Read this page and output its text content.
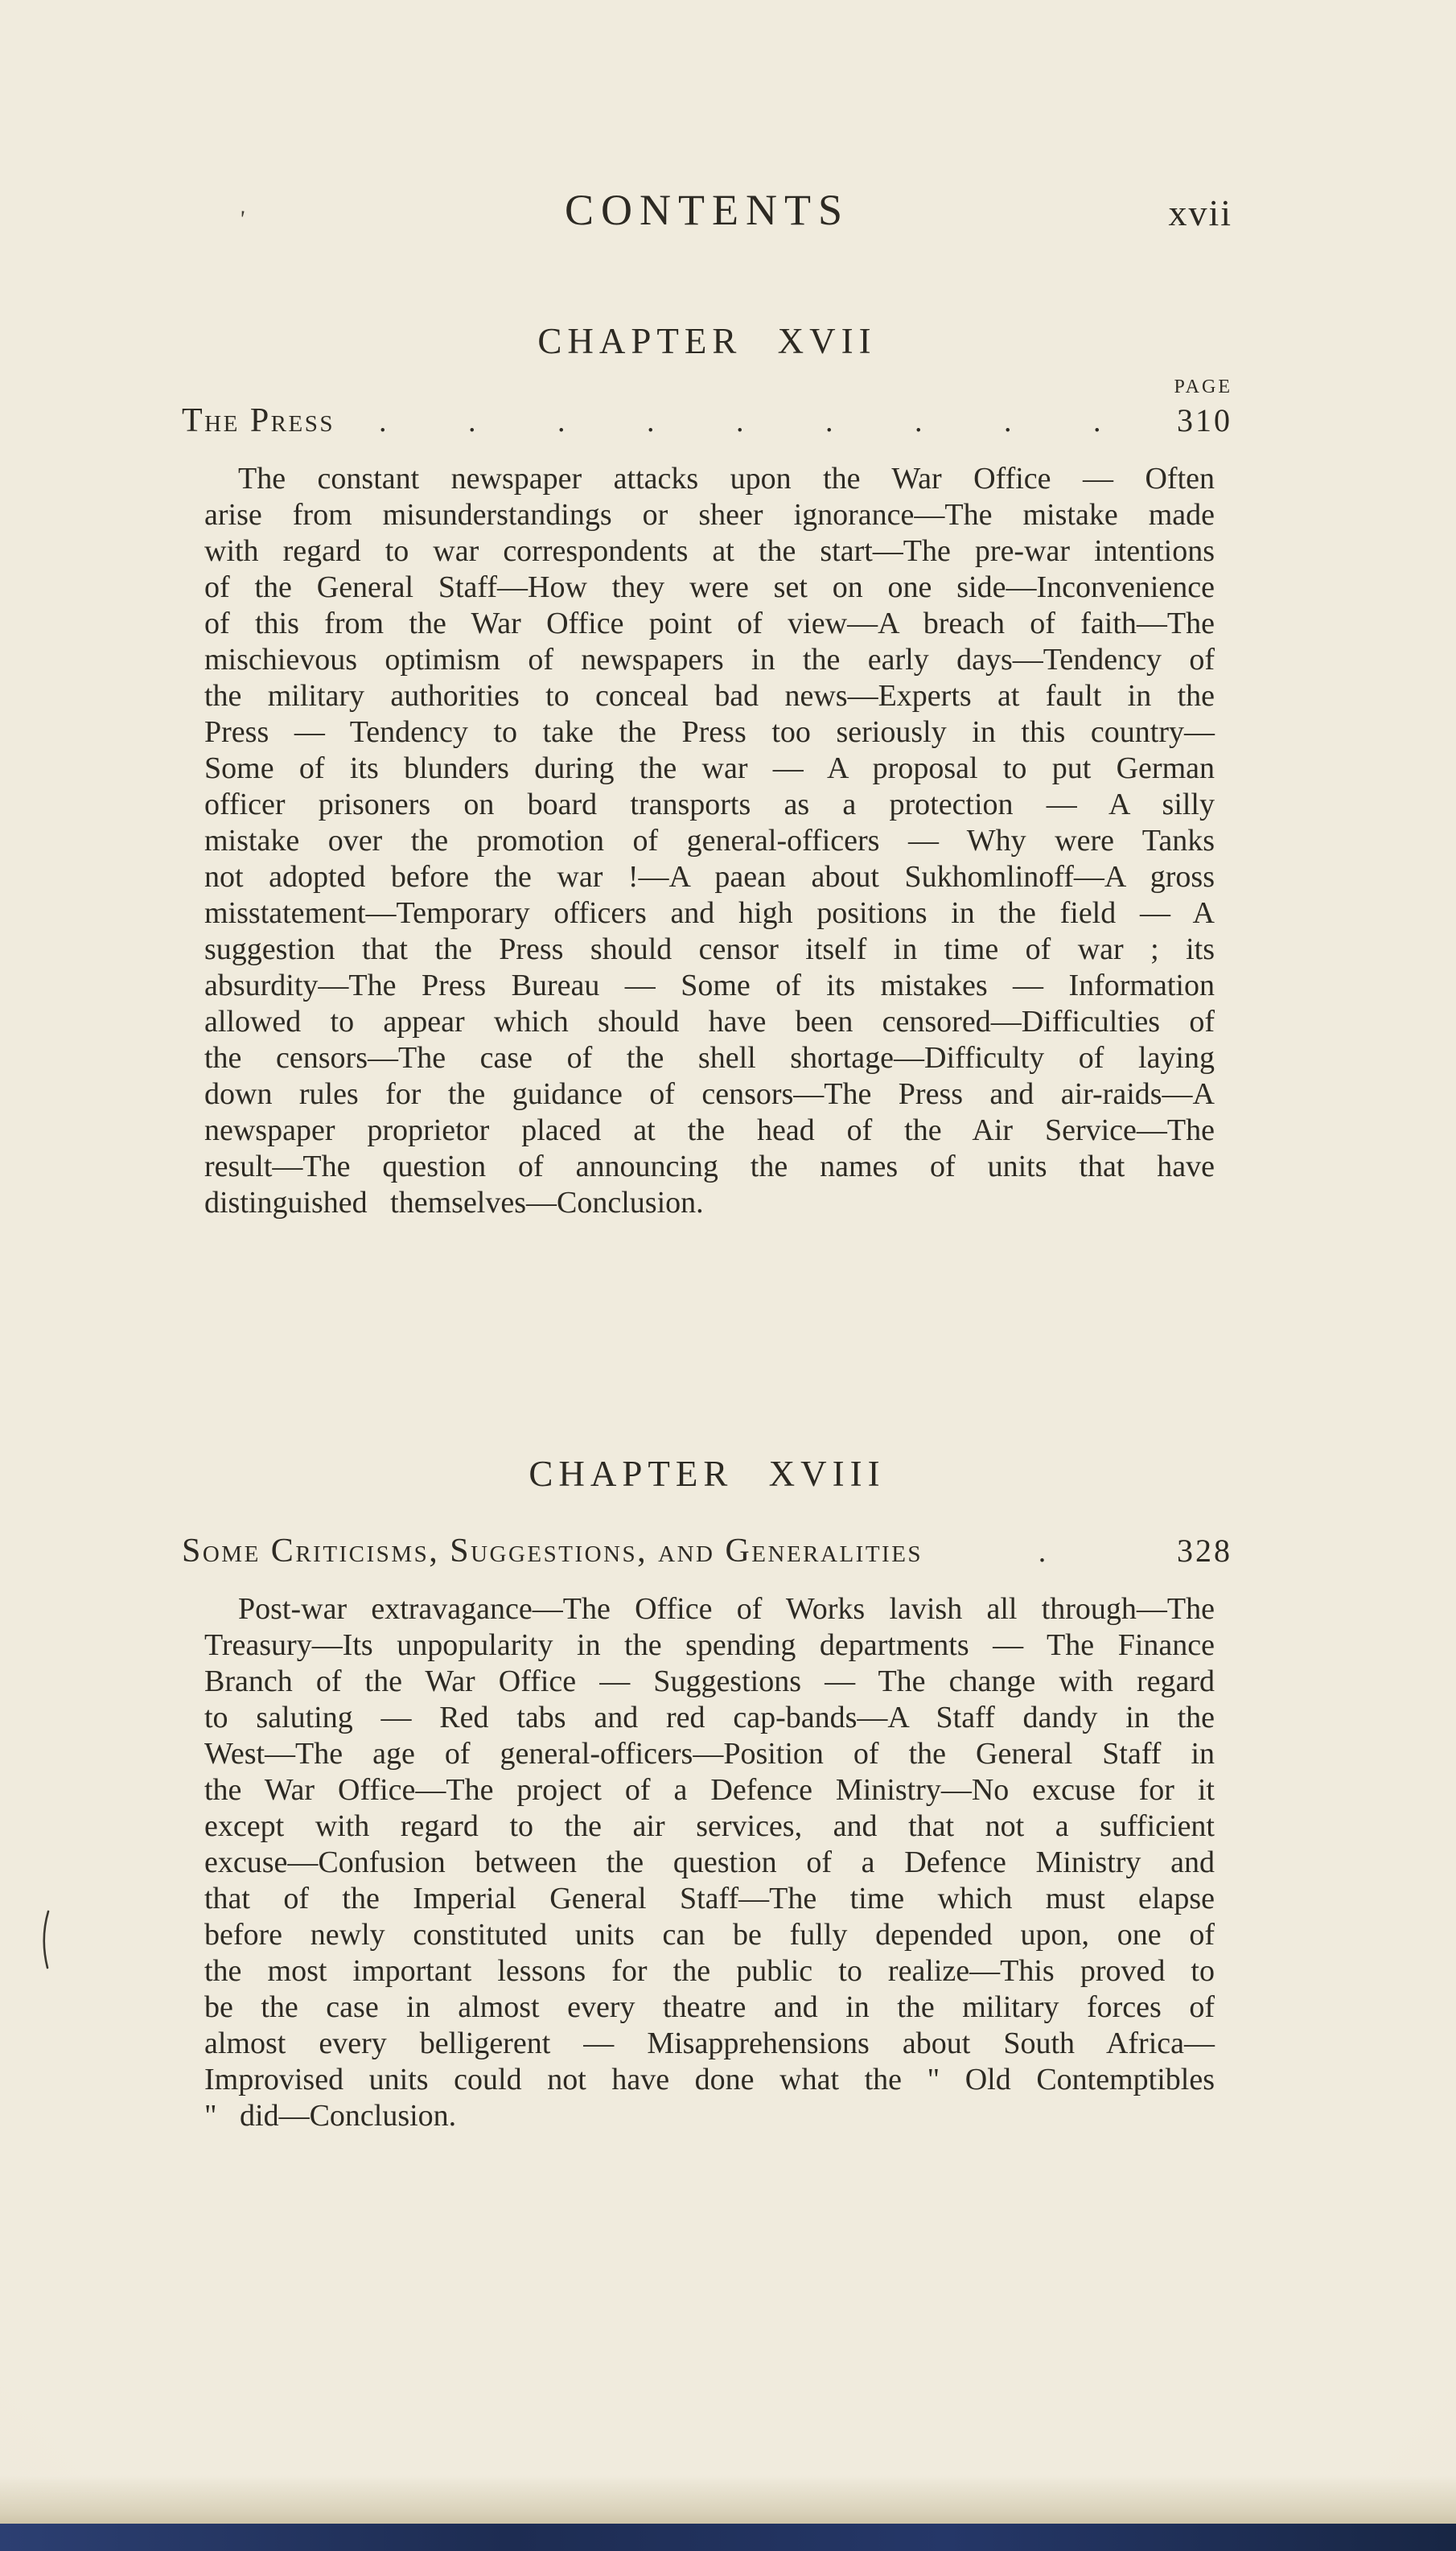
'	CONTENTS	xvii
CHAPTER XVII
PAGE
The Press	. . . . . . . . .	310

The constant newspaper attacks upon the War Office — Often arise from misunderstandings or sheer ignorance—The mistake made with regard to war correspondents at the start—The pre-war intentions of the General Staff—How they were set on one side—Inconvenience of this from the War Office point of view—A breach of faith—The mischievous optimism of newspapers in the early days—Tendency of the military authorities to conceal bad news—Experts at fault in the Press — Tendency to take the Press too seriously in this country—Some of its blunders during the war — A proposal to put German officer prisoners on board transports as a protection — A silly mistake over the promotion of general-officers — Why were Tanks not adopted before the war !—A paean about Sukhomlinoff—A gross misstatement—Temporary officers and high positions in the field — A suggestion that the Press should censor itself in time of war ; its absurdity—The Press Bureau — Some of its mistakes — Information allowed to appear which should have been censored—Difficulties of the censors—The case of the shell shortage—Difficulty of laying down rules for the guidance of censors—The Press and air-raids—A newspaper proprietor placed at the head of the Air Service—The result—The question of announcing the names of units that have distinguished themselves—Conclusion.

CHAPTER XVIII
Some Criticisms, Suggestions, and Generalities	.	328

Post-war extravagance—The Office of Works lavish all through—The Treasury—Its unpopularity in the spending departments — The Finance Branch of the War Office — Suggestions — The change with regard to saluting — Red tabs and red cap-bands—A Staff dandy in the West—The age of general-officers—Position of the General Staff in the War Office—The project of a Defence Ministry—No excuse for it except with regard to the air services, and that not a sufficient excuse—Confusion between the question of a Defence Ministry and that of the Imperial General Staff—The time which must elapse before newly constituted units can be fully depended upon, one of the most important lessons for the public to realize—This proved to be the case in almost every theatre and in the military forces of almost every belligerent — Misapprehensions about South Africa—Improvised units could not have done what the " Old Contemptibles " did—Conclusion.
